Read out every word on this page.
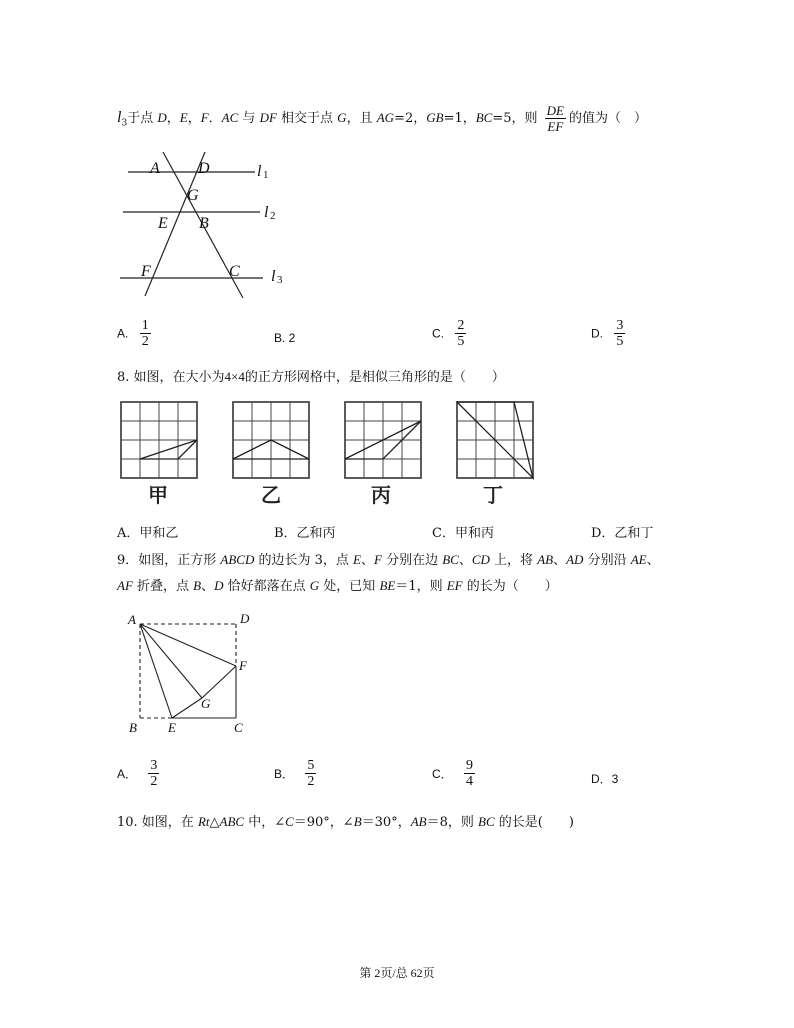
$l_3$于点 D，E，F．AC 与 DF 相交于点 G，且 AG=2，GB=1，BC=5，则 $\frac{DE}{EF}$ 的值为（　）
A D	l 1
G
E B
l 2
F	C l 3
A. $\frac{1}{2}$	B. 2	C. $\frac{2}{5}$	D. $\frac{3}{5}$
8. 如图，在大小为4×4的正方形网格中，是相似三角形的是（　　）
甲	乙	丙	丁
A．甲和乙	B．乙和丙	C．甲和丙	D．乙和丁
9．如图，正方形 ABCD 的边长为 3，点 E、F 分别在边 BC、CD 上，将 AB、AD 分别沿 AE、
AF 折叠，点 B、D 恰好都落在点 G 处，已知 BE＝1，则 EF 的长为（　　）
A	D
F
G
B E	C
A． $\frac{3}{2}$	B． $\frac{5}{2}$	C． $\frac{9}{4}$	D．3
10. 如图，在 Rt△ABC 中，∠C＝90°，∠B＝30°，AB＝8，则 BC 的长是(　　)
第 2页/总 62页
